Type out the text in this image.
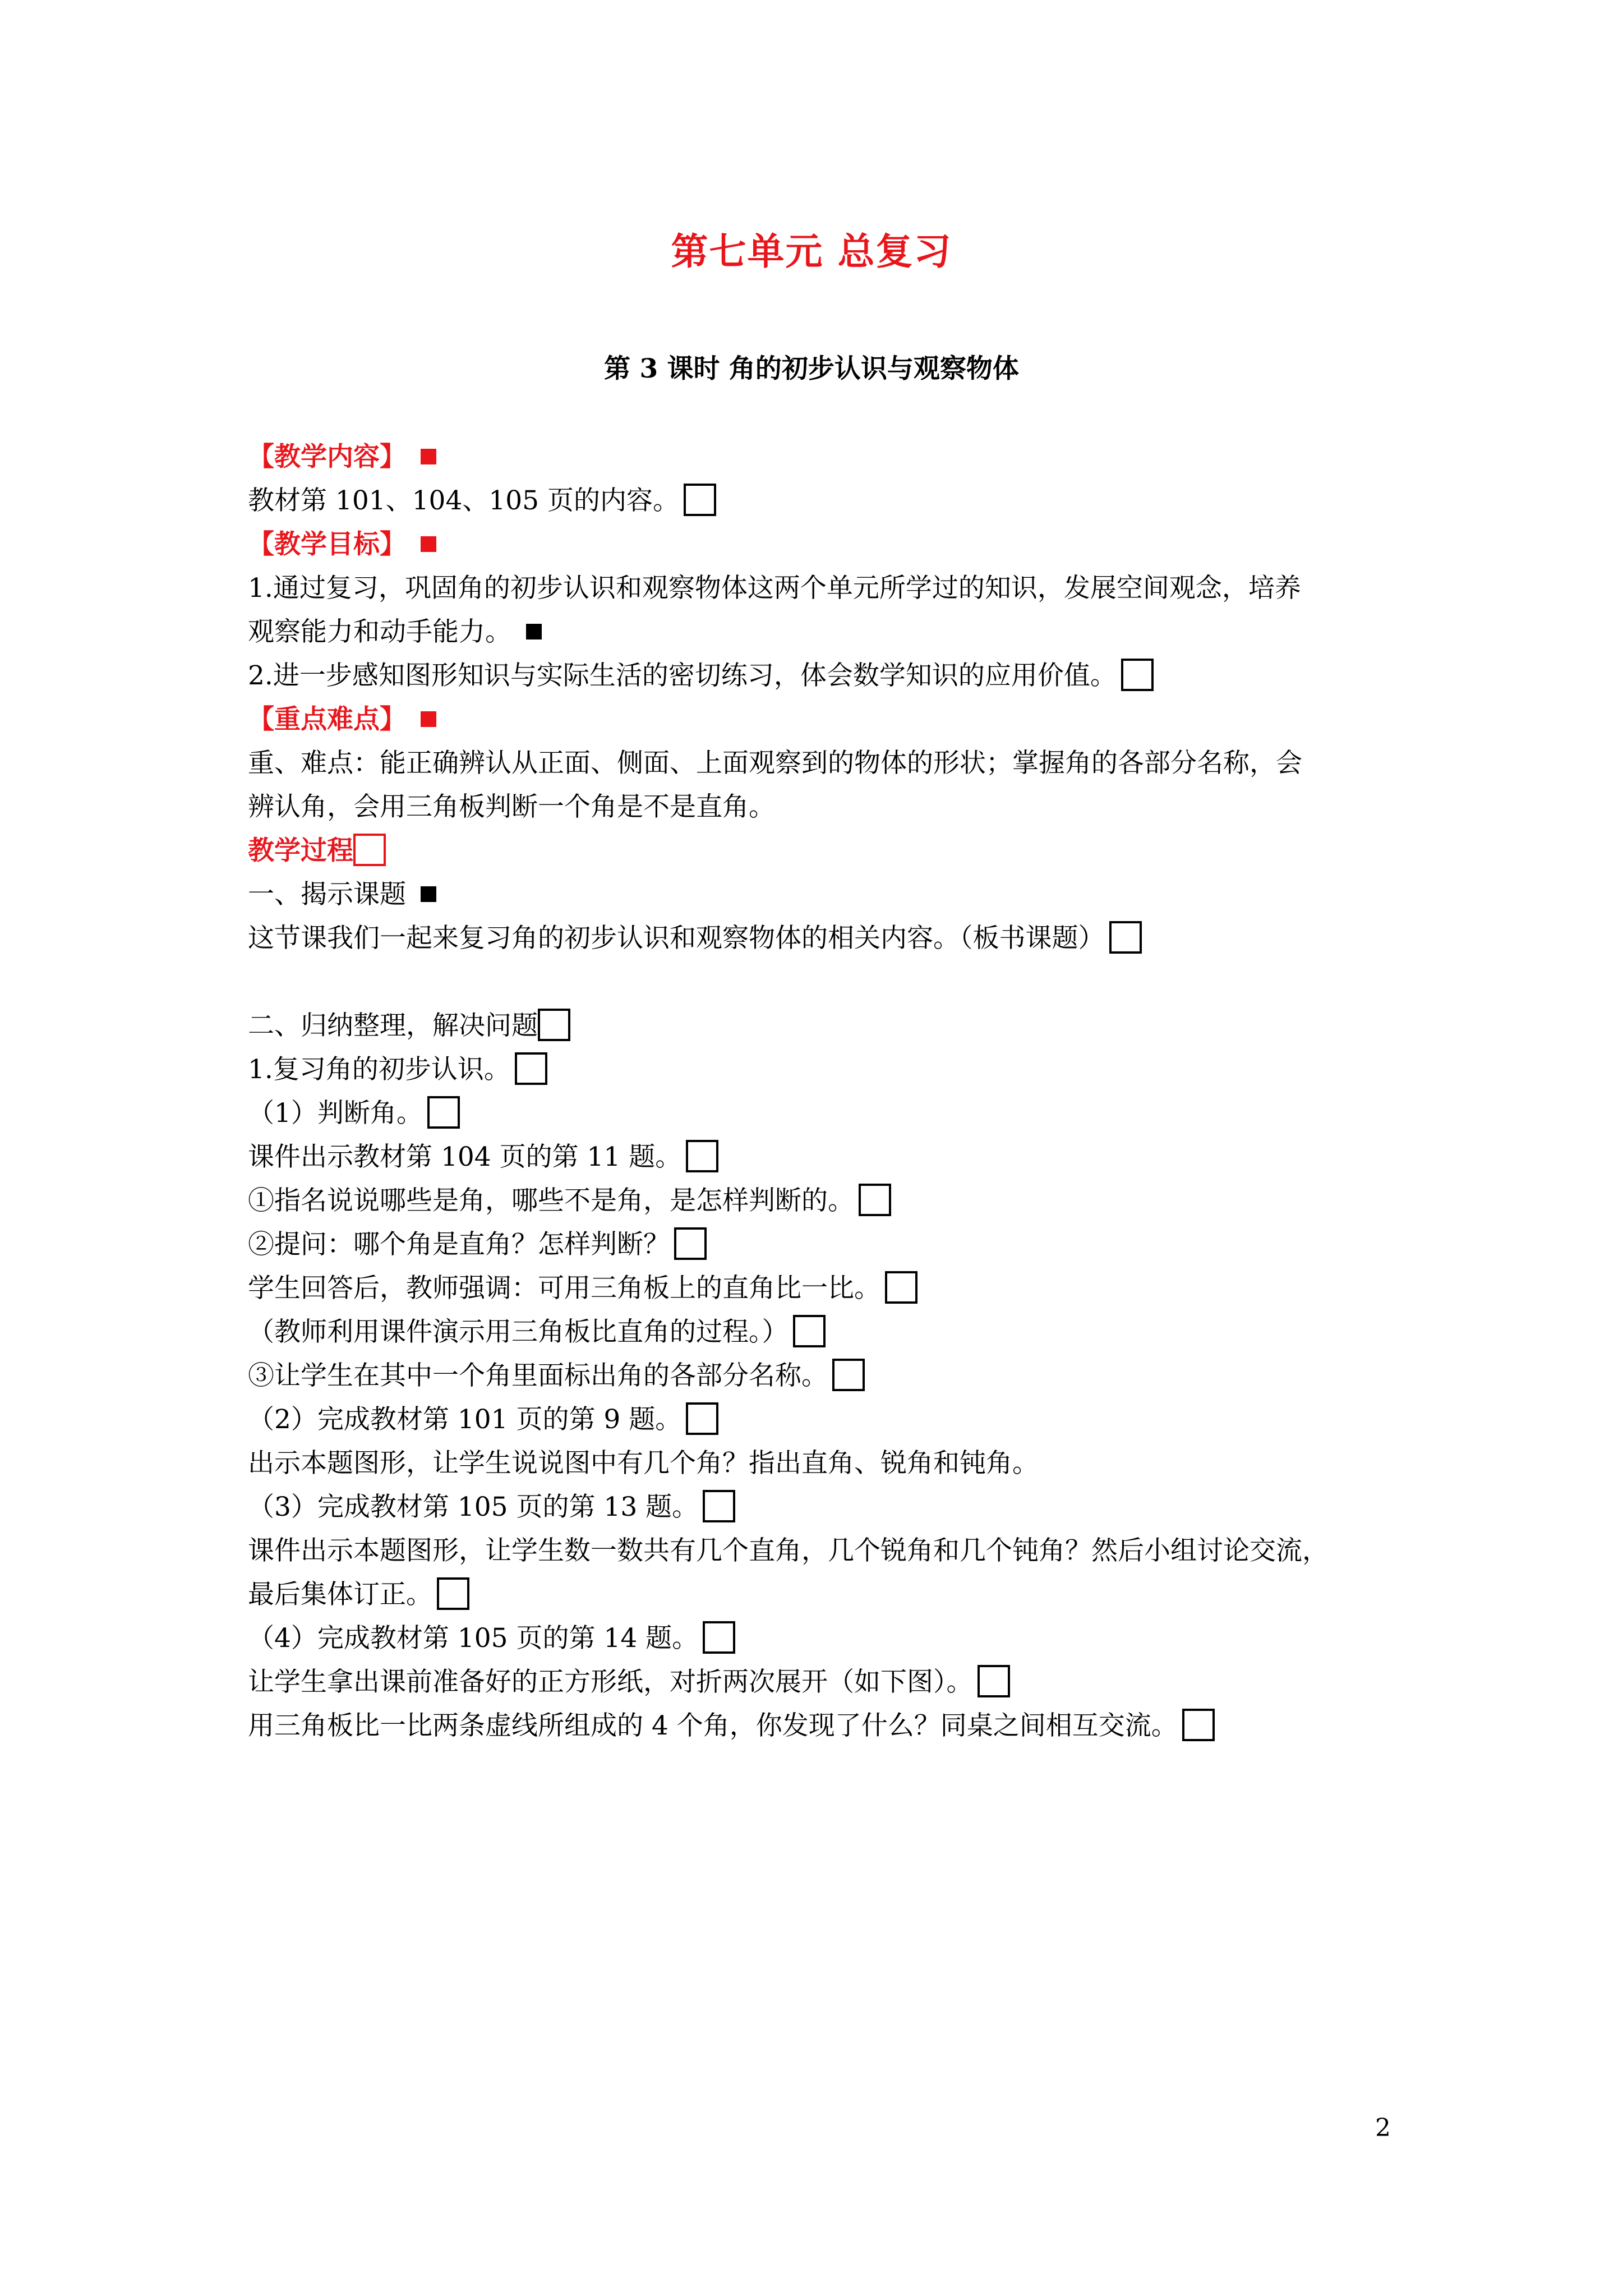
第七单元 总复习
第 3 课时 角的初步认识与观察物体
【教学内容】
教材第 101、104、105 页的内容。
【教学目标】
1.通过复习，巩固角的初步认识和观察物体这两个单元所学过的知识，发展空间观念，培养
观察能力和动手能力。
2.进一步感知图形知识与实际生活的密切练习，体会数学知识的应用价值。
【重点难点】
重、难点：能正确辨认从正面、侧面、上面观察到的物体的形状；掌握角的各部分名称，会
辨认角，会用三角板判断一个角是不是直角。
教学过程
一、揭示课题
这节课我们一起来复习角的初步认识和观察物体的相关内容。（板书课题）
二、归纳整理，解决问题
1.复习角的初步认识。
（1）判断角。
课件出示教材第 104 页的第 11 题。
①指名说说哪些是角，哪些不是角，是怎样判断的。
②提问：哪个角是直角？怎样判断？
学生回答后，教师强调：可用三角板上的直角比一比。
（教师利用课件演示用三角板比直角的过程。）
③让学生在其中一个角里面标出角的各部分名称。
（2）完成教材第 101 页的第 9 题。
出示本题图形，让学生说说图中有几个角？指出直角、锐角和钝角。
（3）完成教材第 105 页的第 13 题。
课件出示本题图形，让学生数一数共有几个直角，几个锐角和几个钝角？然后小组讨论交流，
最后集体订正。
（4）完成教材第 105 页的第 14 题。
让学生拿出课前准备好的正方形纸，对折两次展开（如下图）。
用三角板比一比两条虚线所组成的 4 个角，你发现了什么？同桌之间相互交流。
2
